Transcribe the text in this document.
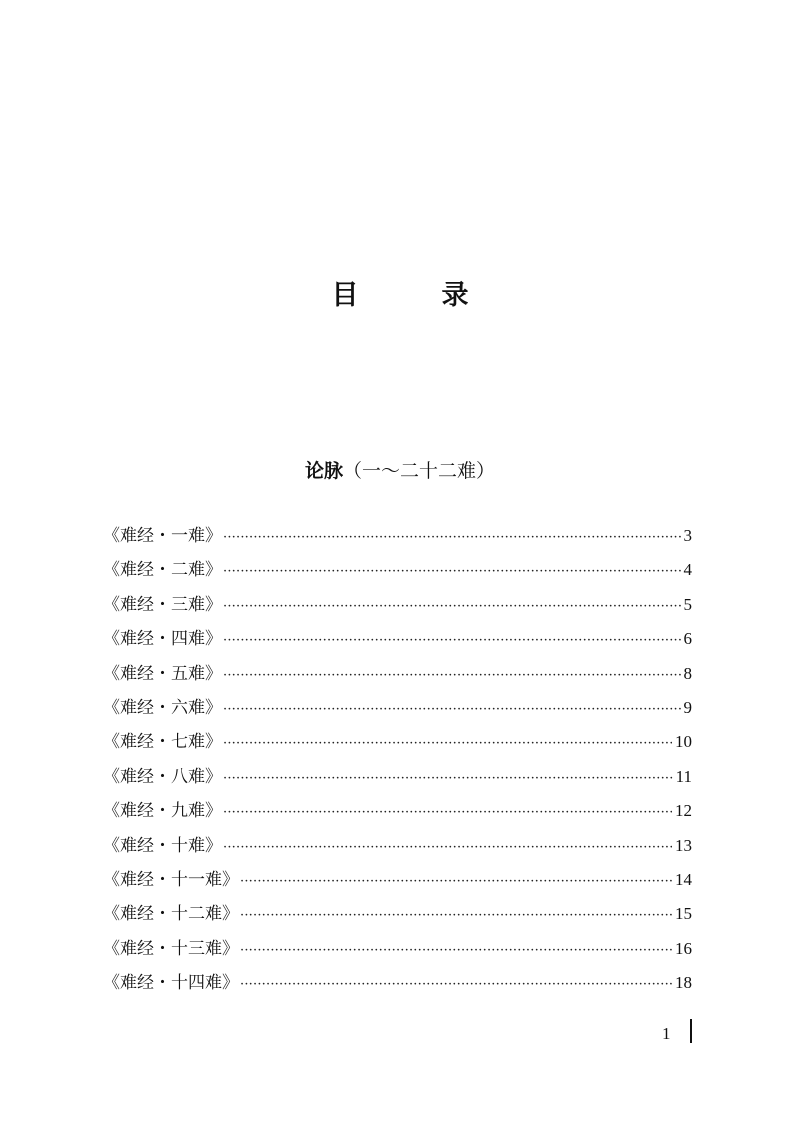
目　录
论脉（一～二十二难）
《难经・一难》 ·····	3
《难经・二难》 ·····	4
《难经・三难》 ·····	5
《难经・四难》 ·····	6
《难经・五难》 ·····	8
《难经・六难》 ·····	9
《难经・七难》 ·····	10
《难经・八难》 ·····	11
《难经・九难》 ·····	12
《难经・十难》 ·····	13
《难经・十一难》 ·····	14
《难经・十二难》 ·····	15
《难经・十三难》 ·····	16
《难经・十四难》 ·····	18
1
